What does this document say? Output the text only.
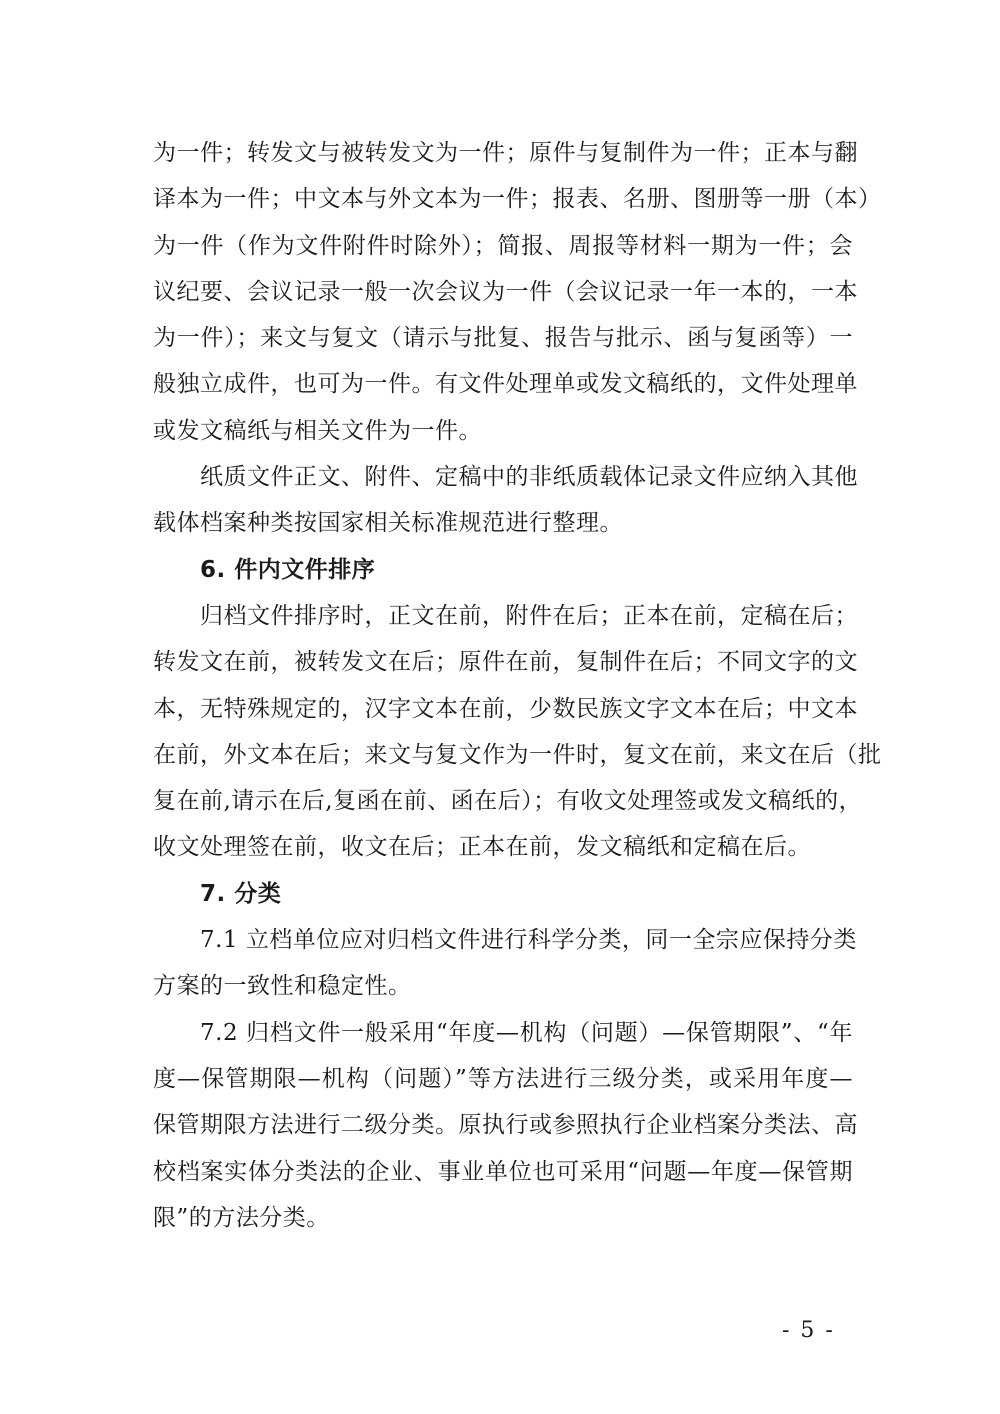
为一件；转发文与被转发文为一件；原件与复制件为一件；正本与翻
译本为一件；中文本与外文本为一件；报表、名册、图册等一册（本）
为一件（作为文件附件时除外）；简报、周报等材料一期为一件；会
议纪要、会议记录一般一次会议为一件（会议记录一年一本的，一本
为一件）；来文与复文（请示与批复、报告与批示、函与复函等）一
般独立成件，也可为一件。有文件处理单或发文稿纸的，文件处理单
或发文稿纸与相关文件为一件。
纸质文件正文、附件、定稿中的非纸质载体记录文件应纳入其他
载体档案种类按国家相关标准规范进行整理。
6. 件内文件排序
归档文件排序时，正文在前，附件在后；正本在前，定稿在后；
转发文在前，被转发文在后；原件在前，复制件在后；不同文字的文
本，无特殊规定的，汉字文本在前，少数民族文字文本在后；中文本
在前，外文本在后；来文与复文作为一件时，复文在前，来文在后（批
复在前,请示在后,复函在前、函在后）；有收文处理签或发文稿纸的，
收文处理签在前，收文在后；正本在前，发文稿纸和定稿在后。
7. 分类
7.1 立档单位应对归档文件进行科学分类，同一全宗应保持分类
方案的一致性和稳定性。
7.2 归档文件一般采用“年度—机构（问题）—保管期限”、“年
度—保管期限—机构（问题）”等方法进行三级分类，或采用年度—
保管期限方法进行二级分类。原执行或参照执行企业档案分类法、高
校档案实体分类法的企业、事业单位也可采用“问题—年度—保管期
限”的方法分类。
- 5 -
